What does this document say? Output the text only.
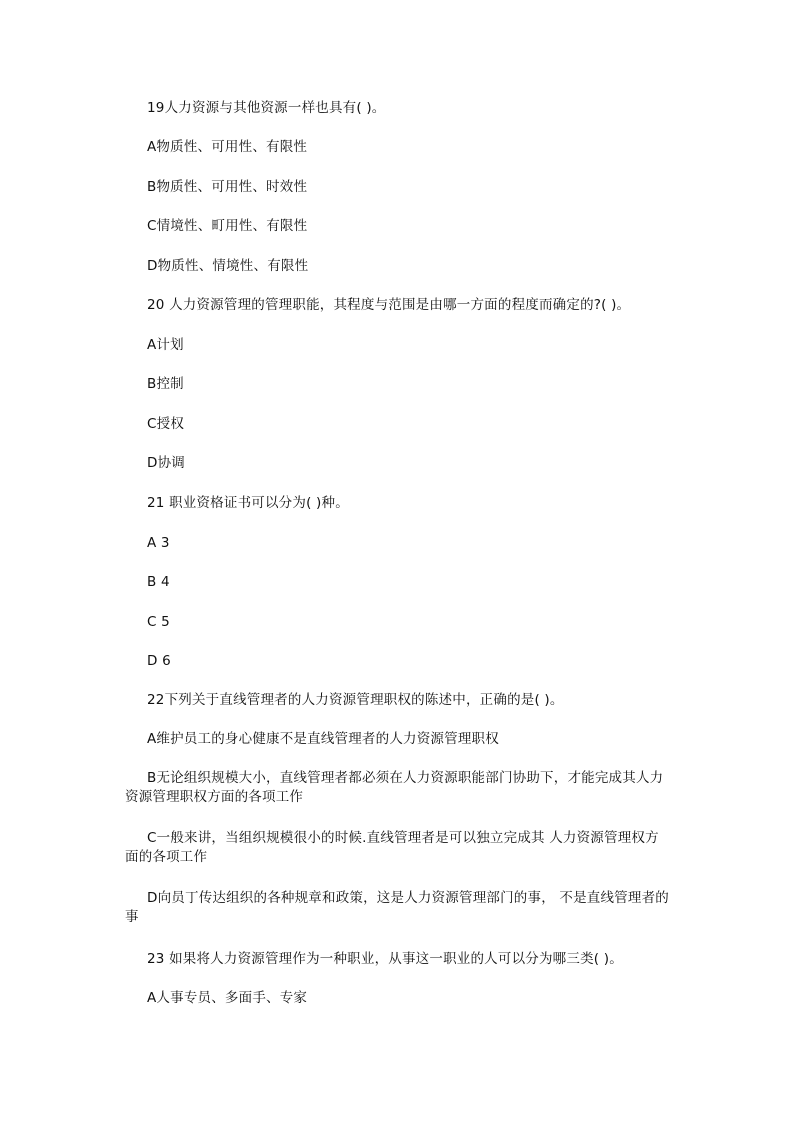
19人力资源与其他资源一样也具有( )。
A物质性、可用性、有限性
B物质性、可用性、时效性
C情境性、町用性、有限性
D物质性、情境性、有限性
20 人力资源管理的管理职能，其程度与范围是由哪一方面的程度而确定的?( )。
A计划
B控制
C授权
D协调
21 职业资格证书可以分为( )种。
A 3
B 4
C 5
D 6
22下列关于直线管理者的人力资源管理职权的陈述中，正确的是( )。
A维护员工的身心健康不是直线管理者的人力资源管理职权
B无论组织规模大小，直线管理者都必须在人力资源职能部门协助下，才能完成其人力资源管理职权方面的各项工作
C一般来讲，当组织规模很小的时候.直线管理者是可以独立完成其 人力资源管理权方面的各项工作
D向员丁传达组织的各种规章和政策，这是人力资源管理部门的事， 不是直线管理者的事
23 如果将人力资源管理作为一种职业，从事这一职业的人可以分为哪三类( )。
A人事专员、多面手、专家
